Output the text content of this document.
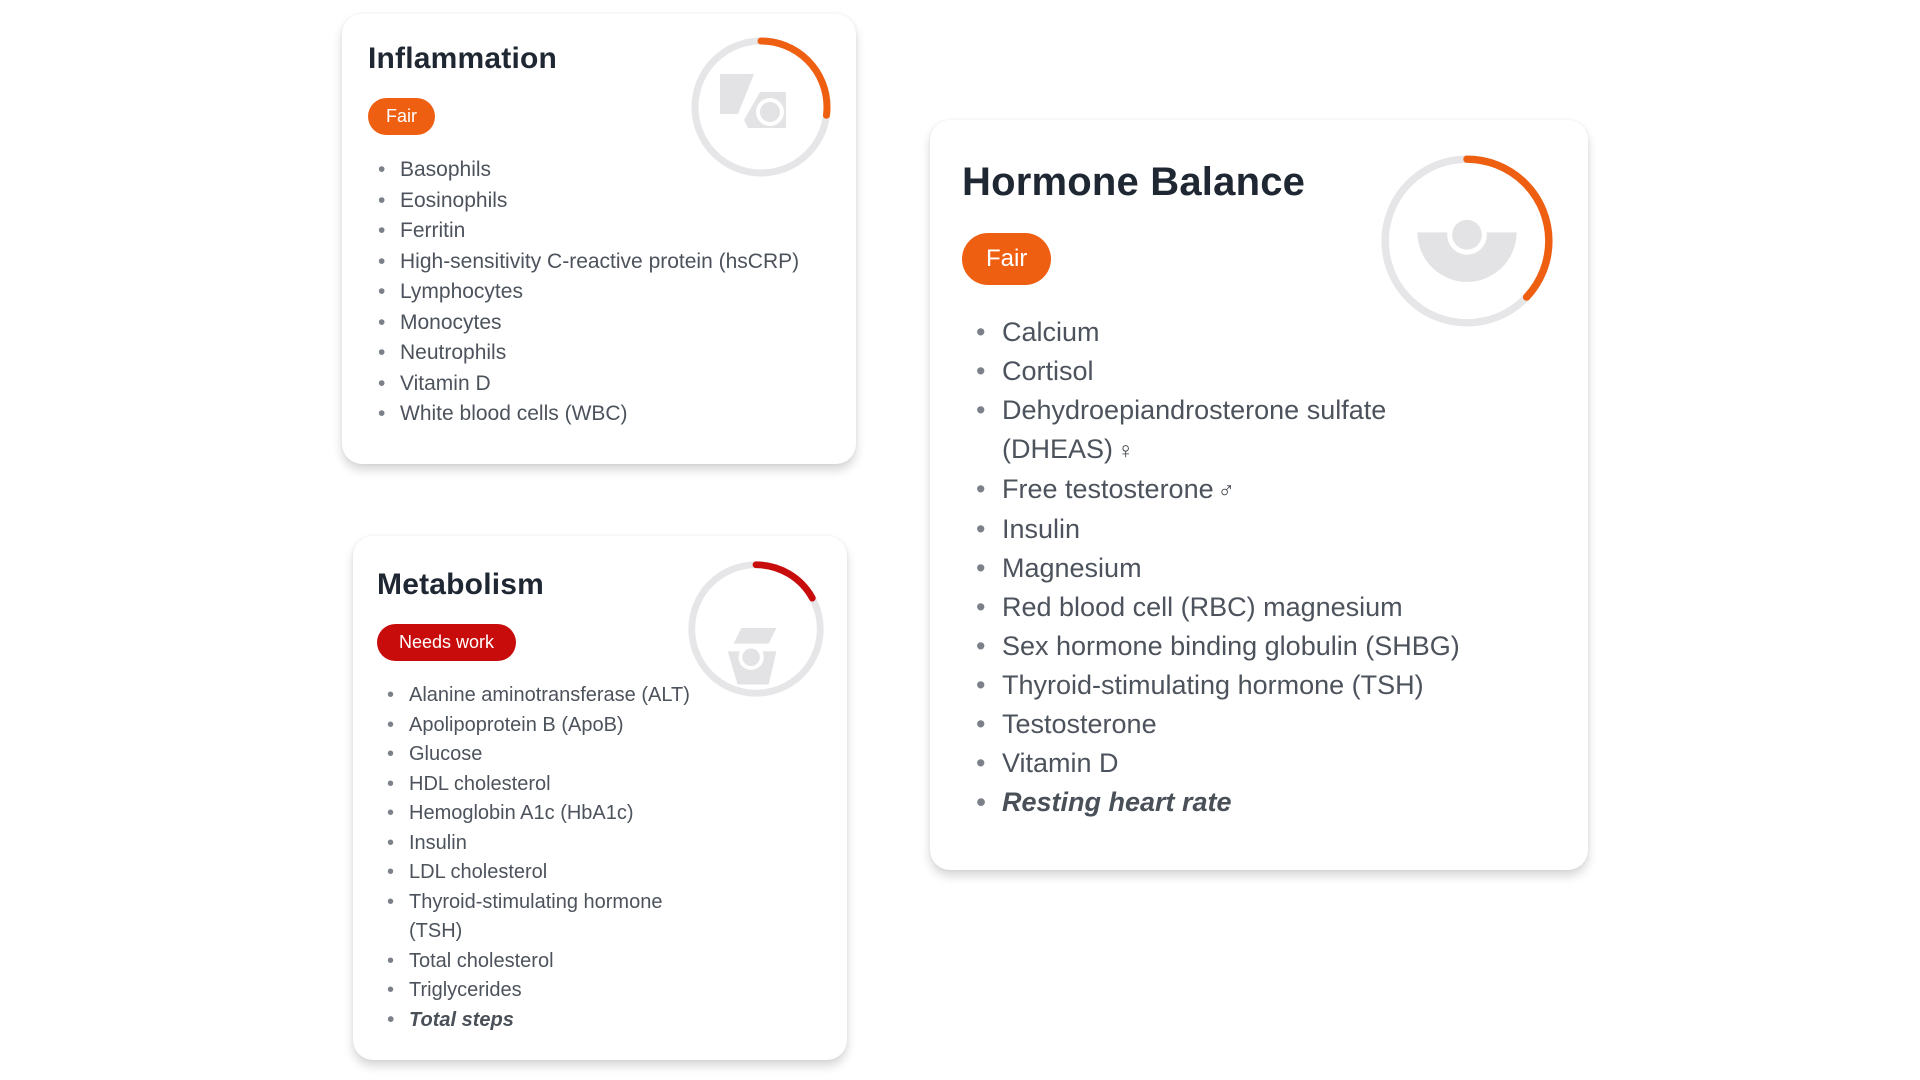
Inflammation
Fair
• Basophils
• Eosinophils
• Ferritin
• High-sensitivity C-reactive protein (hsCRP)
• Lymphocytes
• Monocytes
• Neutrophils
• Vitamin D
• White blood cells (WBC)
Metabolism
Needs work
• Alanine aminotransferase (ALT)
• Apolipoprotein B (ApoB)
• Glucose
• HDL cholesterol
• Hemoglobin A1c (HbA1c)
• Insulin
• LDL cholesterol
• Thyroid-stimulating hormone (TSH)
• Total cholesterol
• Triglycerides
• Total steps
Hormone Balance
Fair
• Calcium
• Cortisol
• Dehydroepiandrosterone sulfate (DHEAS) ♀
• Free testosterone ♂
• Insulin
• Magnesium
• Red blood cell (RBC) magnesium
• Sex hormone binding globulin (SHBG)
• Thyroid-stimulating hormone (TSH)
• Testosterone
• Vitamin D
• Resting heart rate
